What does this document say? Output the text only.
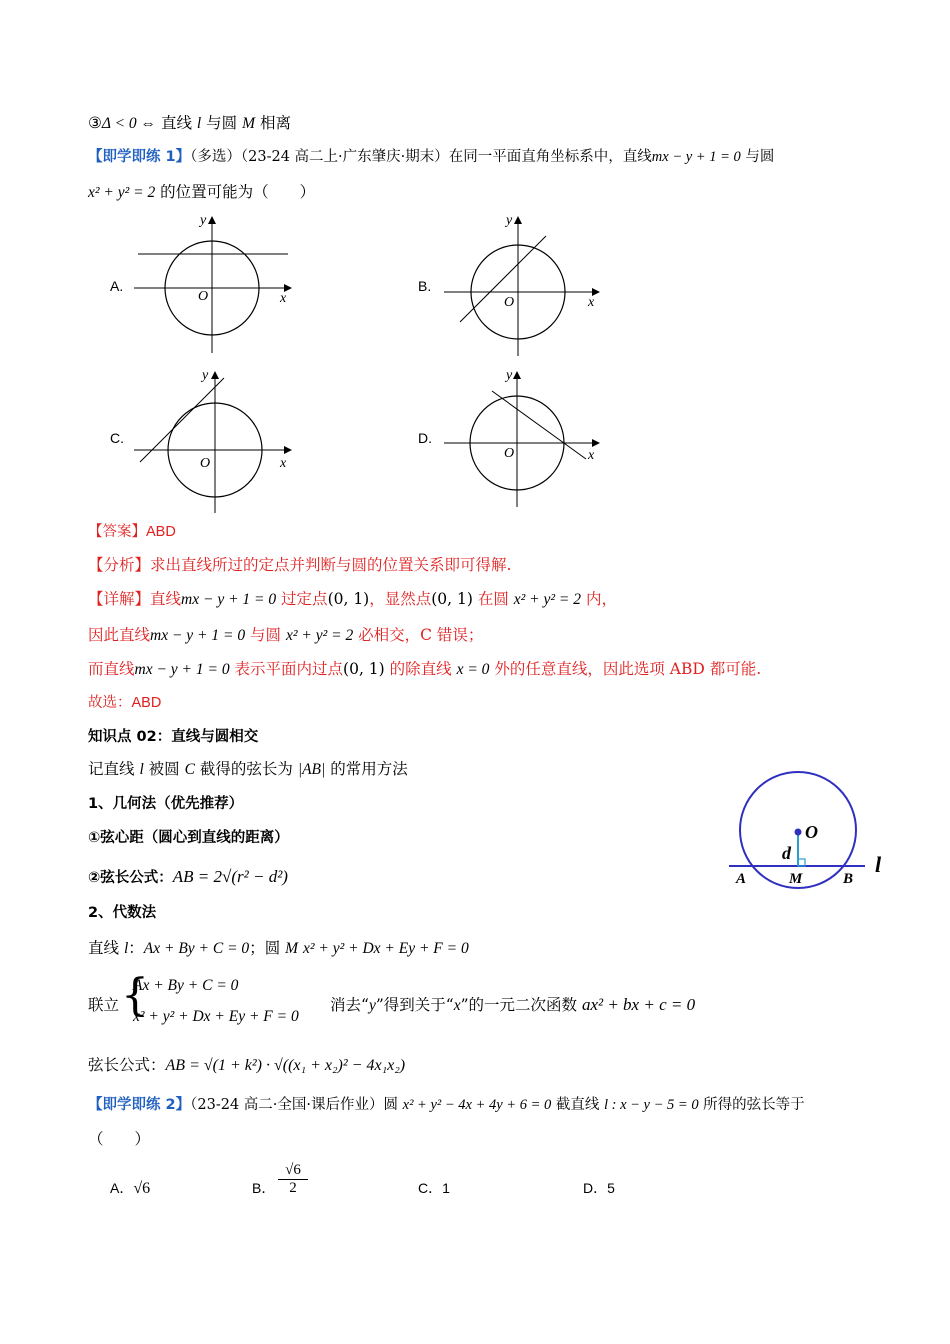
③Δ < 0 ⇔ 直线 l 与圆 M 相离
【即学即练 1】（多选）（23-24 高二上·广东肇庆·期末）在同一平面直角坐标系中，直线mx − y + 1 = 0 与圆
x² + y² = 2 的位置可能为（　　）
A.	B.
C.	D.
O	x
y
O	x
y
O	x
y
O	x
y
【答案】ABD
【分析】求出直线所过的定点并判断与圆的位置关系即可得解.
【详解】直线mx − y + 1 = 0 过定点(0, 1)，显然点(0, 1) 在圆 x² + y² = 2 内，
因此直线mx − y + 1 = 0 与圆 x² + y² = 2 必相交，C 错误；
而直线mx − y + 1 = 0 表示平面内过点(0, 1) 的除直线 x = 0 外的任意直线，因此选项 ABD 都可能.
故选：ABD
知识点 02：直线与圆相交
记直线 l 被圆 C 截得的弦长为 |AB| 的常用方法
1、几何法（优先推荐）
①弦心距（圆心到直线的距离）
②弦长公式：AB = 2√(r² − d²)
2、代数法
直线 l：Ax + By + C = 0；圆 M x² + y² + Dx + Ey + F = 0
联立 {
Ax + By + C = 0
x² + y² + Dx + Ey + F = 0
消去“y”得到关于“x”的一元二次函数 ax² + bx + c = 0
弦长公式：AB = √(1 + k²) · √((x₁ + x₂)² − 4x₁x₂)
O
d
A	M	B
l
【即学即练 2】（23-24 高二·全国·课后作业）圆 x² + y² − 4x + 4y + 6 = 0 截直线 l : x − y − 5 = 0 所得的弦长等于
（　　）
A．√6	B． $\frac{√6}{2}$	C．1	D．5
